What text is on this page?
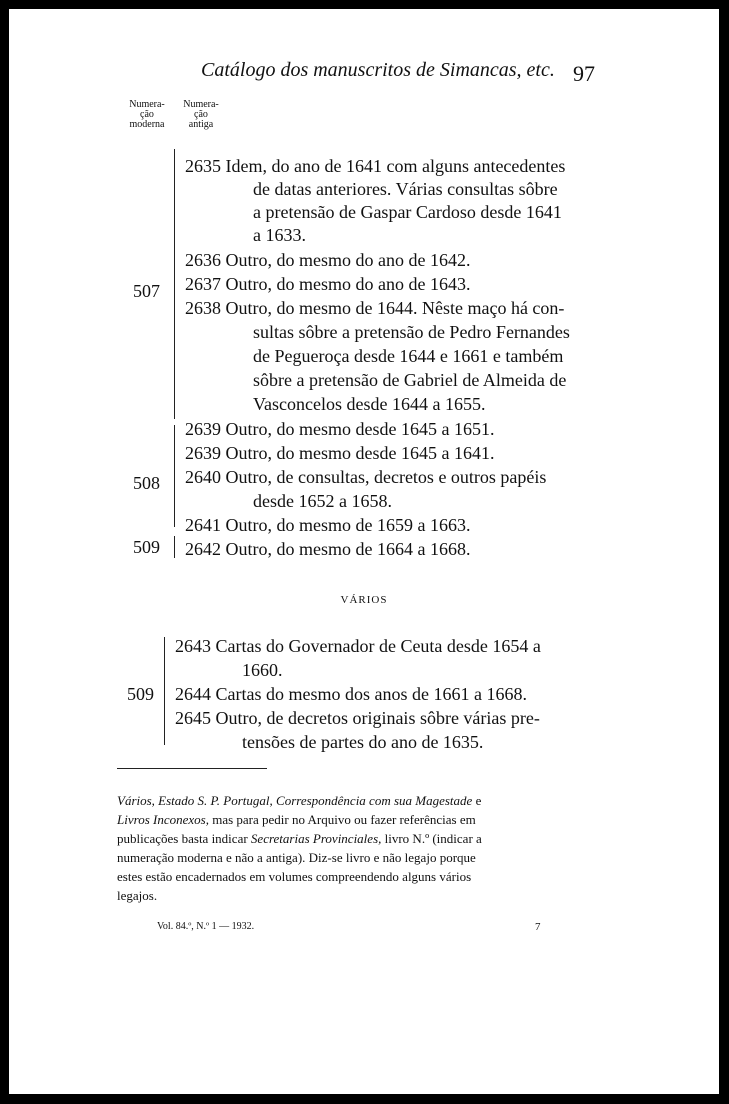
Catálogo dos manuscritos de Simancas, etc. 97
Numera-
ção
moderna
Numera-
ção
antiga
507
508
509
509
2635 Idem, do ano de 1641 com alguns antecedentes
de datas anteriores. Várias consultas sôbre
a pretensão de Gaspar Cardoso desde 1641
a 1633.
2636 Outro, do mesmo do ano de 1642.
2637 Outro, do mesmo do ano de 1643.
2638 Outro, do mesmo de 1644. Nêste maço há con-
sultas sôbre a pretensão de Pedro Fernandes
de Pegueroça desde 1644 e 1661 e também
sôbre a pretensão de Gabriel de Almeida de
Vasconcelos desde 1644 a 1655.
2639 Outro, do mesmo desde 1645 a 1651.
2639 Outro, do mesmo desde 1645 a 1641.
2640 Outro, de consultas, decretos e outros papéis
desde 1652 a 1658.
2641 Outro, do mesmo de 1659 a 1663.
2642 Outro, do mesmo de 1664 a 1668.
VÁRIOS
2643 Cartas do Governador de Ceuta desde 1654 a
1660.
2644 Cartas do mesmo dos anos de 1661 a 1668.
2645 Outro, de decretos originais sôbre várias pre-
tensões de partes do ano de 1635.
Vários, Estado S. P. Portugal, Correspondência com sua Magestade e
Livros Inconexos, mas para pedir no Arquivo ou fazer referências em
publicações basta indicar Secretarias Provinciales, livro N.º (indicar a
numeração moderna e não a antiga). Diz-se livro e não legajo porque
estes estão encadernados em volumes compreendendo alguns vários
legajos.
Vol. 84.º, N.º 1 — 1932.	7
